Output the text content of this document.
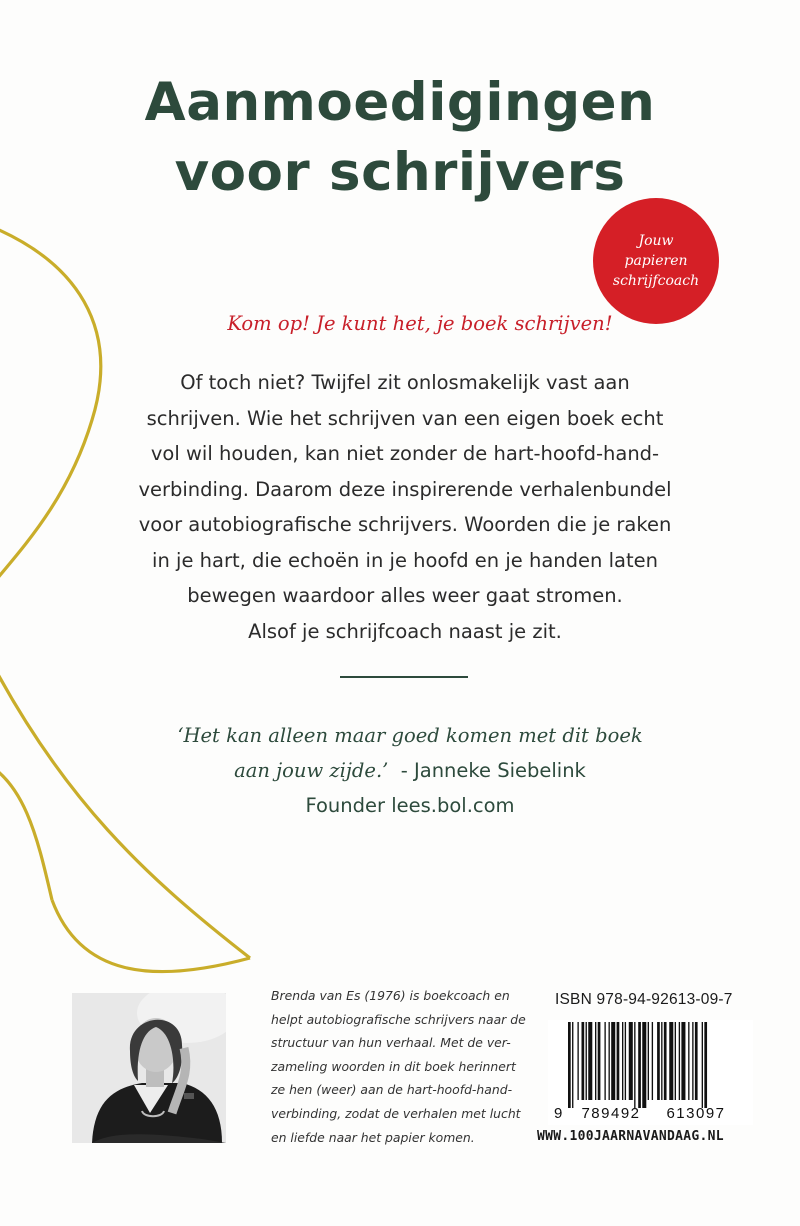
Aanmoedigingen
voor schrijvers
Jouw
papieren
schrijfcoach
Kom op! Je kunt het, je boek schrijven!
Of toch niet? Twijfel zit onlosmakelijk vast aan
schrijven. Wie het schrijven van een eigen boek echt
vol wil houden, kan niet zonder de hart-hoofd-hand-
verbinding. Daarom deze inspirerende verhalenbundel
voor autobiografische schrijvers. Woorden die je raken
in je hart, die echoën in je hoofd en je handen laten
bewegen waardoor alles weer gaat stromen.
Alsof je schrijfcoach naast je zit.
‘Het kan alleen maar goed komen met dit boek
aan jouw zijde.’  - Janneke Siebelink
Founder lees.bol.com
Brenda van Es (1976) is boekcoach en
helpt autobiografische schrijvers naar de
structuur van hun verhaal. Met de ver-
zameling woorden in dit boek herinnert
ze hen (weer) aan de hart-hoofd-hand-
verbinding, zodat de verhalen met lucht
en liefde naar het papier komen.
ISBN 978-94-92613-09-7
9 789492 613097
WWW.100JAARNAVANDAAG.NL
